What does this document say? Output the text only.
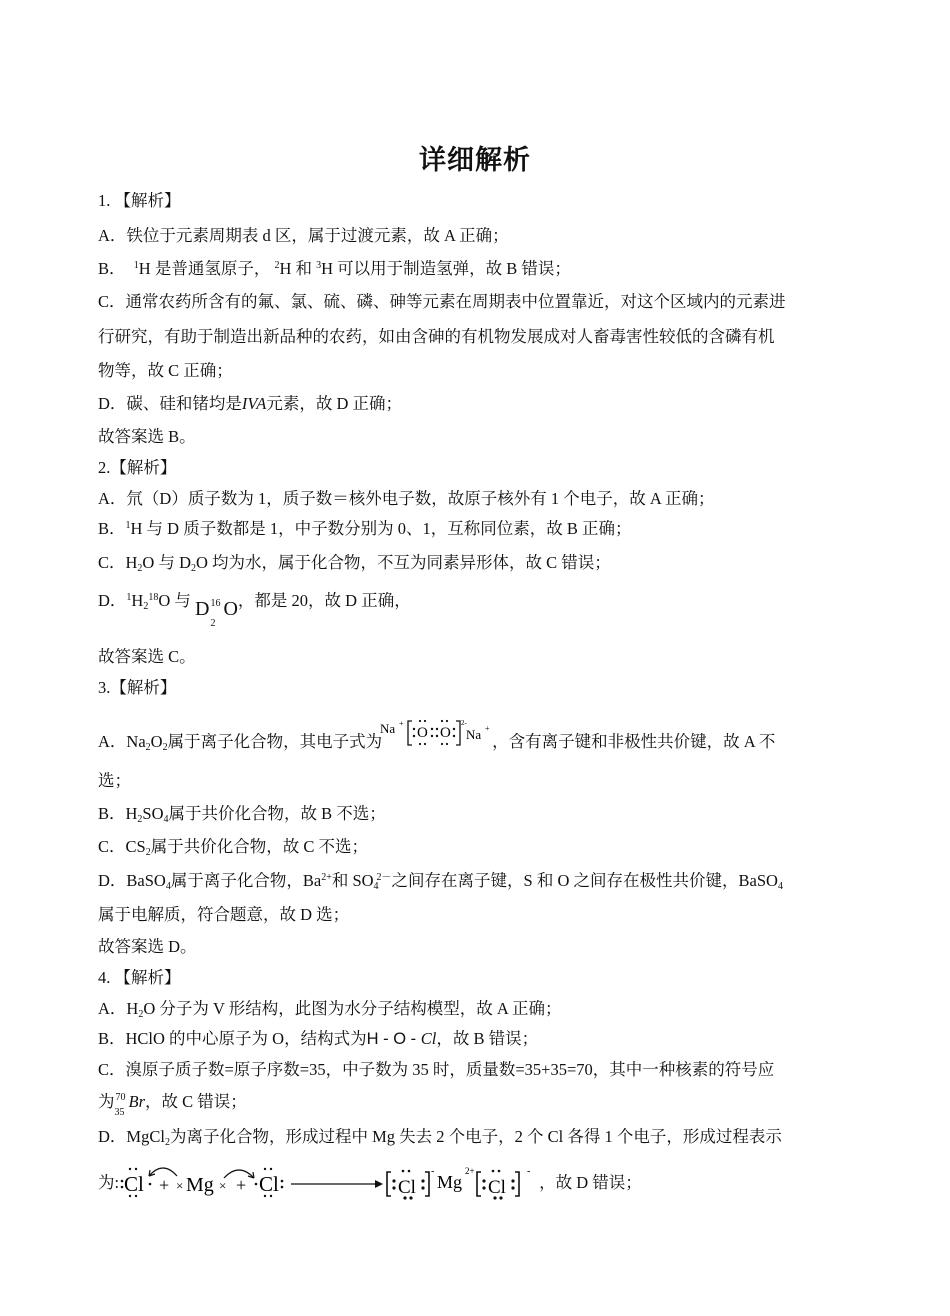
详细解析
1. 【解析】
A．铁位于元素周期表 d 区，属于过渡元素，故 A 正确；
B． $^1$H 是普通氢原子， $^2$H 和 $^3$H 可以用于制造氢弹，故 B 错误；
C．通常农药所含有的氟、氯、硫、磷、砷等元素在周期表中位置靠近，对这个区域内的元素进
行研究，有助于制造出新品种的农药，如由含砷的有机物发展成对人畜毒害性较低的含磷有机
物等，故 C 正确；
D．碳、硅和锗均是IVA元素，故 D 正确；
故答案选 B。
2.【解析】
A．氘（D）质子数为 1，质子数＝核外电子数，故原子核外有 1 个电子，故 A 正确；
B．$^1$H 与 D 质子数都是 1，中子数分别为 0、1，互称同位素，故 B 正确；
C．$H_2O$ 与 $D_2O$ 均为水，属于化合物，不互为同素异形体，故 C 错误；
D．$^1H_2^{18}O$ 与 D 16
2
O，都是 20，故 D 正确，
故答案选 C。
3.【解析】
A．$Na_2O_2$属于离子化合物，其电子式为
Na +
O O
2-
Na +
，含有离子键和非极性共价键，故 A 不
选；
B．$H_2SO_4$属于共价化合物，故 B 不选；
C．$CS_2$属于共价化合物，故 C 不选；
D．BaSO$_4$属于离子化合物，$Ba^{2+}$和 $SO_4^{2-}$之间存在离子键，S 和 O 之间存在极性共价键，BaSO$_4$
属于电解质，符合题意，故 D 选；
故答案选 D。
4. 【解析】
A．$H_2O$ 分子为 V 形结构，此图为水分子结构模型，故 A 正确；
B．HClO 的中心原子为 O，结构式为H - O - Cl，故 B 错误；
C．溴原子质子数=原子序数=35，中子数为 35 时，质量数=35+35=70，其中一种核素的符号应
为 70
35
Br，故 C 错误；
D．MgCl$_2$为离子化合物，形成过程中 Mg 失去 2 个电子，2 个 Cl 各得 1 个电子，形成过程表示
为: Cl + × Mg × + Cl	Cl
-
Mg
2+
Cl
-
，故 D 错误；
